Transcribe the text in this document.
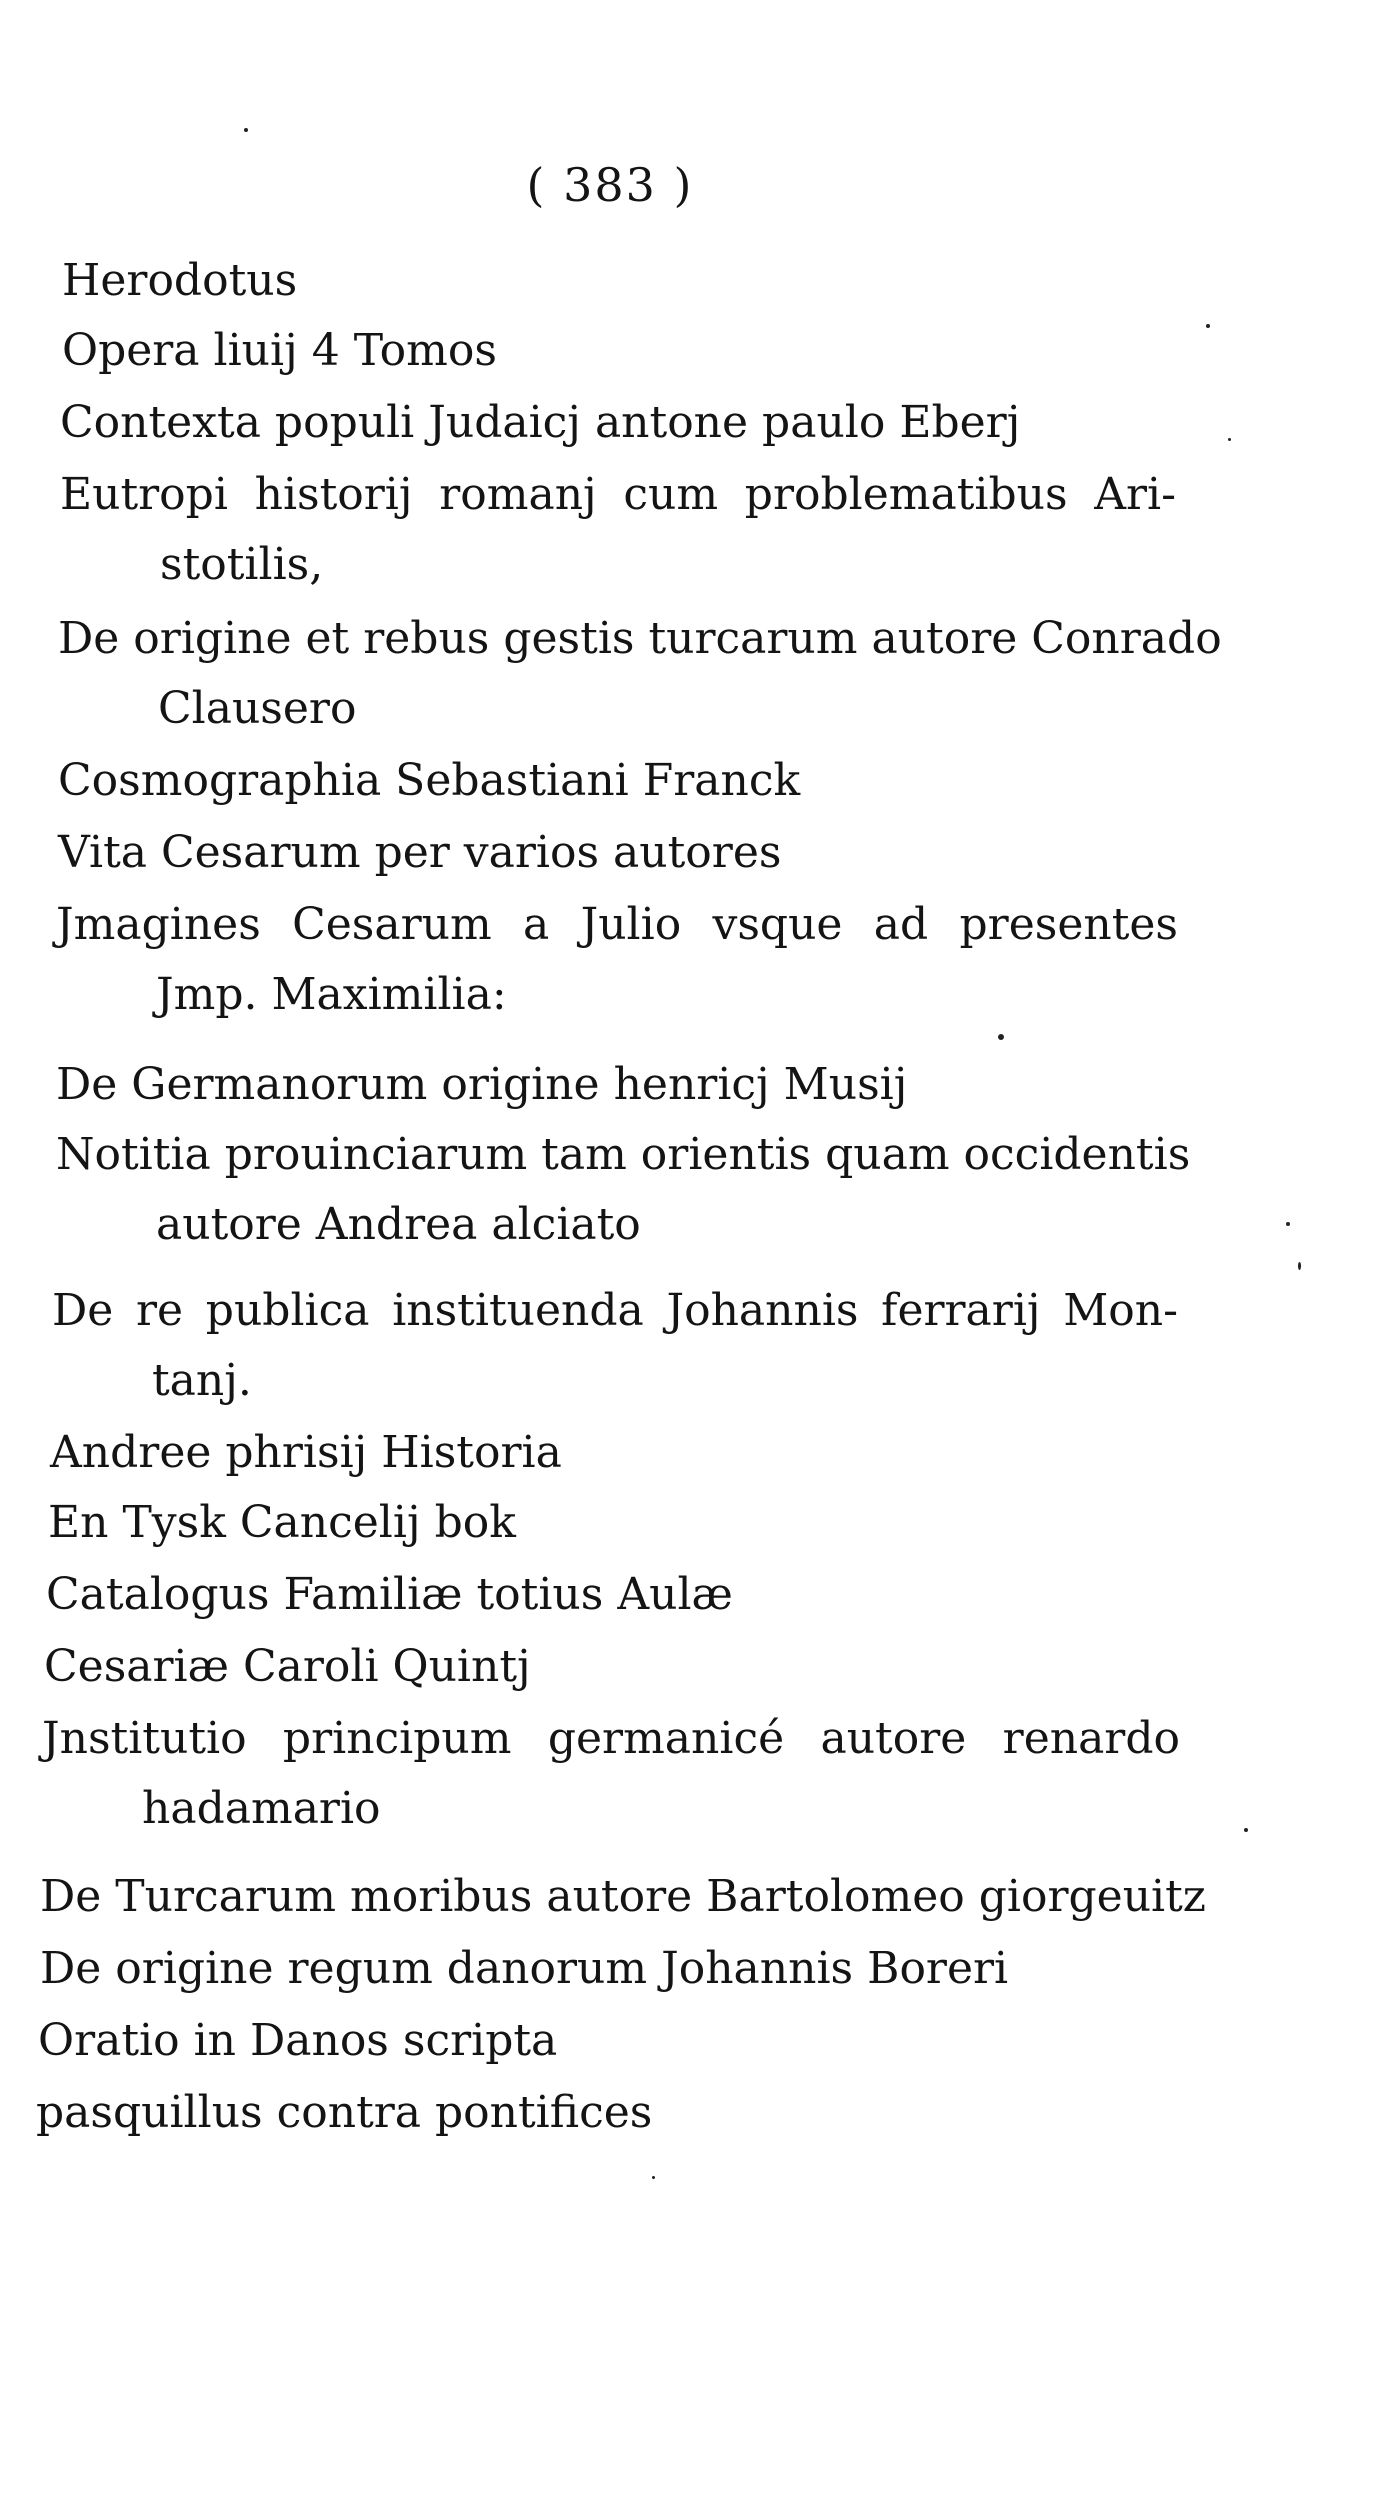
( 383 )
Herodotus
Opera liuij 4 Tomos
Contexta populi Judaicj antone paulo Eberj
Eutropi historij romanj cum problematibus Ari-
stotilis,
De origine et rebus gestis turcarum autore Conrado
Clausero
Cosmographia Sebastiani Franck
Vita Cesarum per varios autores
Jmagines Cesarum a Julio vsque ad presentes
Jmp. Maximilia:
De Germanorum origine henricj Musij
Notitia prouinciarum tam orientis quam occidentis
autore Andrea alciato
De re publica instituenda Johannis ferrarij Mon-
tanj.
Andree phrisij Historia
En Tysk Cancelij bok
Catalogus Familiæ totius Aulæ
Cesariæ Caroli Quintj
Jnstitutio principum germanicé autore renardo
hadamario
De Turcarum moribus autore Bartolomeo giorgeuitz
De origine regum danorum Johannis Boreri
Oratio in Danos scripta
pasquillus contra pontifices
